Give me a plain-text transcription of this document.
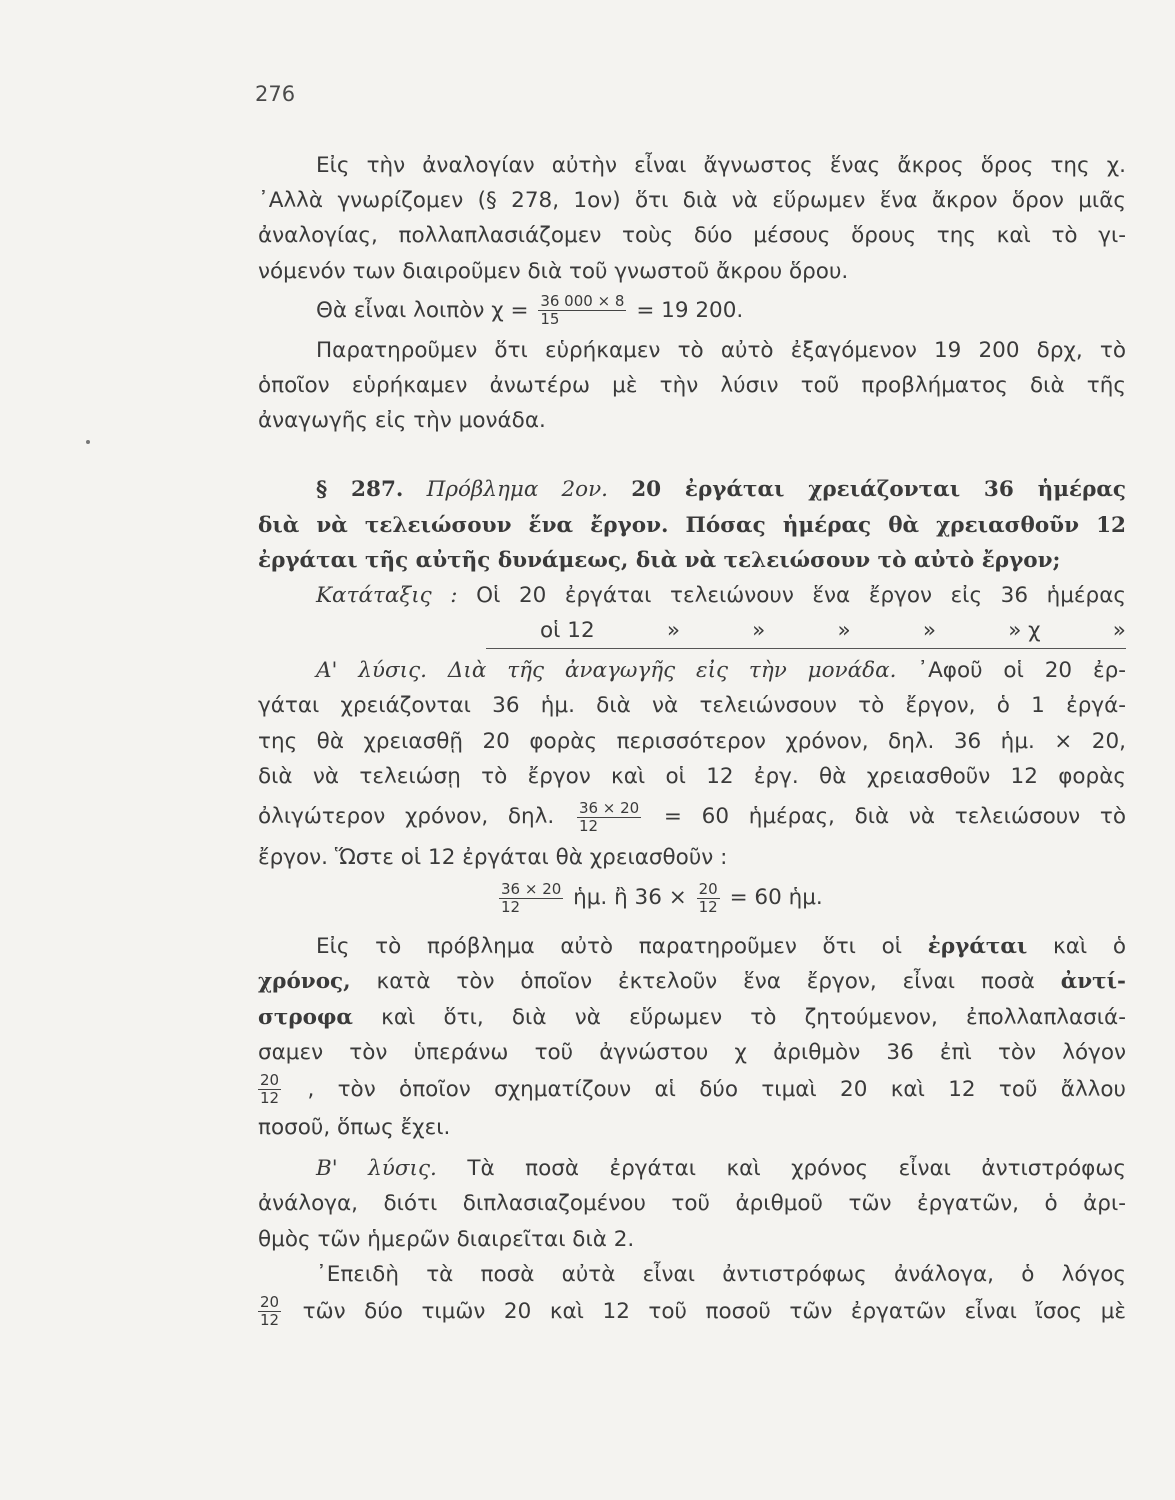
276
Εἰς τὴν ἀναλογίαν αὐτὴν εἶναι ἄγνωστος ἕνας ἄκρος ὅρος της χ.
᾿Αλλὰ γνωρίζομεν (§ 278, 1ον) ὅτι διὰ νὰ εὕρωμεν ἕνα ἄκρον ὅρον μιᾶς
ἀναλογίας, πολλαπλασιάζομεν τοὺς δύο μέσους ὅρους της καὶ τὸ γι-
νόμενόν των διαιροῦμεν διὰ τοῦ γνωστοῦ ἄκρου ὅρου.
Θὰ εἶναι λοιπὸν $\chi = \frac{36 000 \times 8}{15} = 19$ 200.
Παρατηροῦμεν ὅτι εὑρήκαμεν τὸ αὐτὸ ἐξαγόμενον 19 200 δρχ, τὸ
ὁποῖον εὑρήκαμεν ἀνωτέρω μὲ τὴν λύσιν τοῦ προβλήματος διὰ τῆς
ἀναγωγῆς εἰς τὴν μονάδα.
§ 287. Πρόβλημα 2ον. 20 ἐργάται χρειάζονται 36 ἡμέρας
διὰ νὰ τελειώσουν ἕνα ἔργον. Πόσας ἡμέρας θὰ χρειασθοῦν 12
ἐργάται τῆς αὐτῆς δυνάμεως, διὰ νὰ τελειώσουν τὸ αὐτὸ ἔργον;
Κατάταξις : Οἱ 20 ἐργάται τελειώνουν ἕνα ἔργον εἰς 36 ἡμέρας
οἱ 12	»	»	»	»	» χ	»
Α' λύσις. Διὰ τῆς ἀναγωγῆς εἰς τὴν μονάδα. ᾿Αφοῦ οἱ 20 ἐρ-
γάται χρειάζονται 36 ἡμ. διὰ νὰ τελειώνσουν τὸ ἔργον, ὁ 1 ἐργά-
της θὰ χρειασθῇ 20 φορὰς περισσότερον χρόνον, δηλ. 36 ἡμ. × 20,
διὰ νὰ τελειώσῃ τὸ ἔργον καὶ οἱ 12 ἐργ. θὰ χρειασθοῦν 12 φορὰς
ὀλιγώτερον χρόνον, δηλ. $\frac{36 \times 20}{12} = 60$ ἡμέρας, διὰ νὰ τελειώσουν τὸ
ἔργον. Ὥστε οἱ 12 ἐργάται θὰ χρειασθοῦν :
$\frac{36 \times 20}{12}$ ἡμ. ἢ $36 \times \frac{20}{12} = 60$ ἡμ.
Εἰς τὸ πρόβλημα αὐτὸ παρατηροῦμεν ὅτι οἱ ἐργάται καὶ ὁ
χρόνος, κατὰ τὸν ὁποῖον ἐκτελοῦν ἕνα ἔργον, εἶναι ποσὰ ἀντί-
στροφα καὶ ὅτι, διὰ νὰ εὕρωμεν τὸ ζητούμενον, ἐπολλαπλασιά-
σαμεν τὸν ὑπεράνω τοῦ ἀγνώστου χ ἀριθμὸν 36 ἐπὶ τὸν λόγον
$\frac{20}{12}$ , τὸν ὁποῖον σχηματίζουν αἱ δύο τιμαὶ 20 καὶ 12 τοῦ ἄλλου
ποσοῦ, ὅπως ἔχει.
Β' λύσις. Τὰ ποσὰ ἐργάται καὶ χρόνος εἶναι ἀντιστρόφως
ἀνάλογα, διότι διπλασιαζομένου τοῦ ἀριθμοῦ τῶν ἐργατῶν, ὁ ἀρι-
θμὸς τῶν ἡμερῶν διαιρεῖται διὰ 2.
᾿Επειδὴ τὰ ποσὰ αὐτὰ εἶναι ἀντιστρόφως ἀνάλογα, ὁ λόγος
$\frac{20}{12}$ τῶν δύο τιμῶν 20 καὶ 12 τοῦ ποσοῦ τῶν ἐργατῶν εἶναι ἴσος μὲ
